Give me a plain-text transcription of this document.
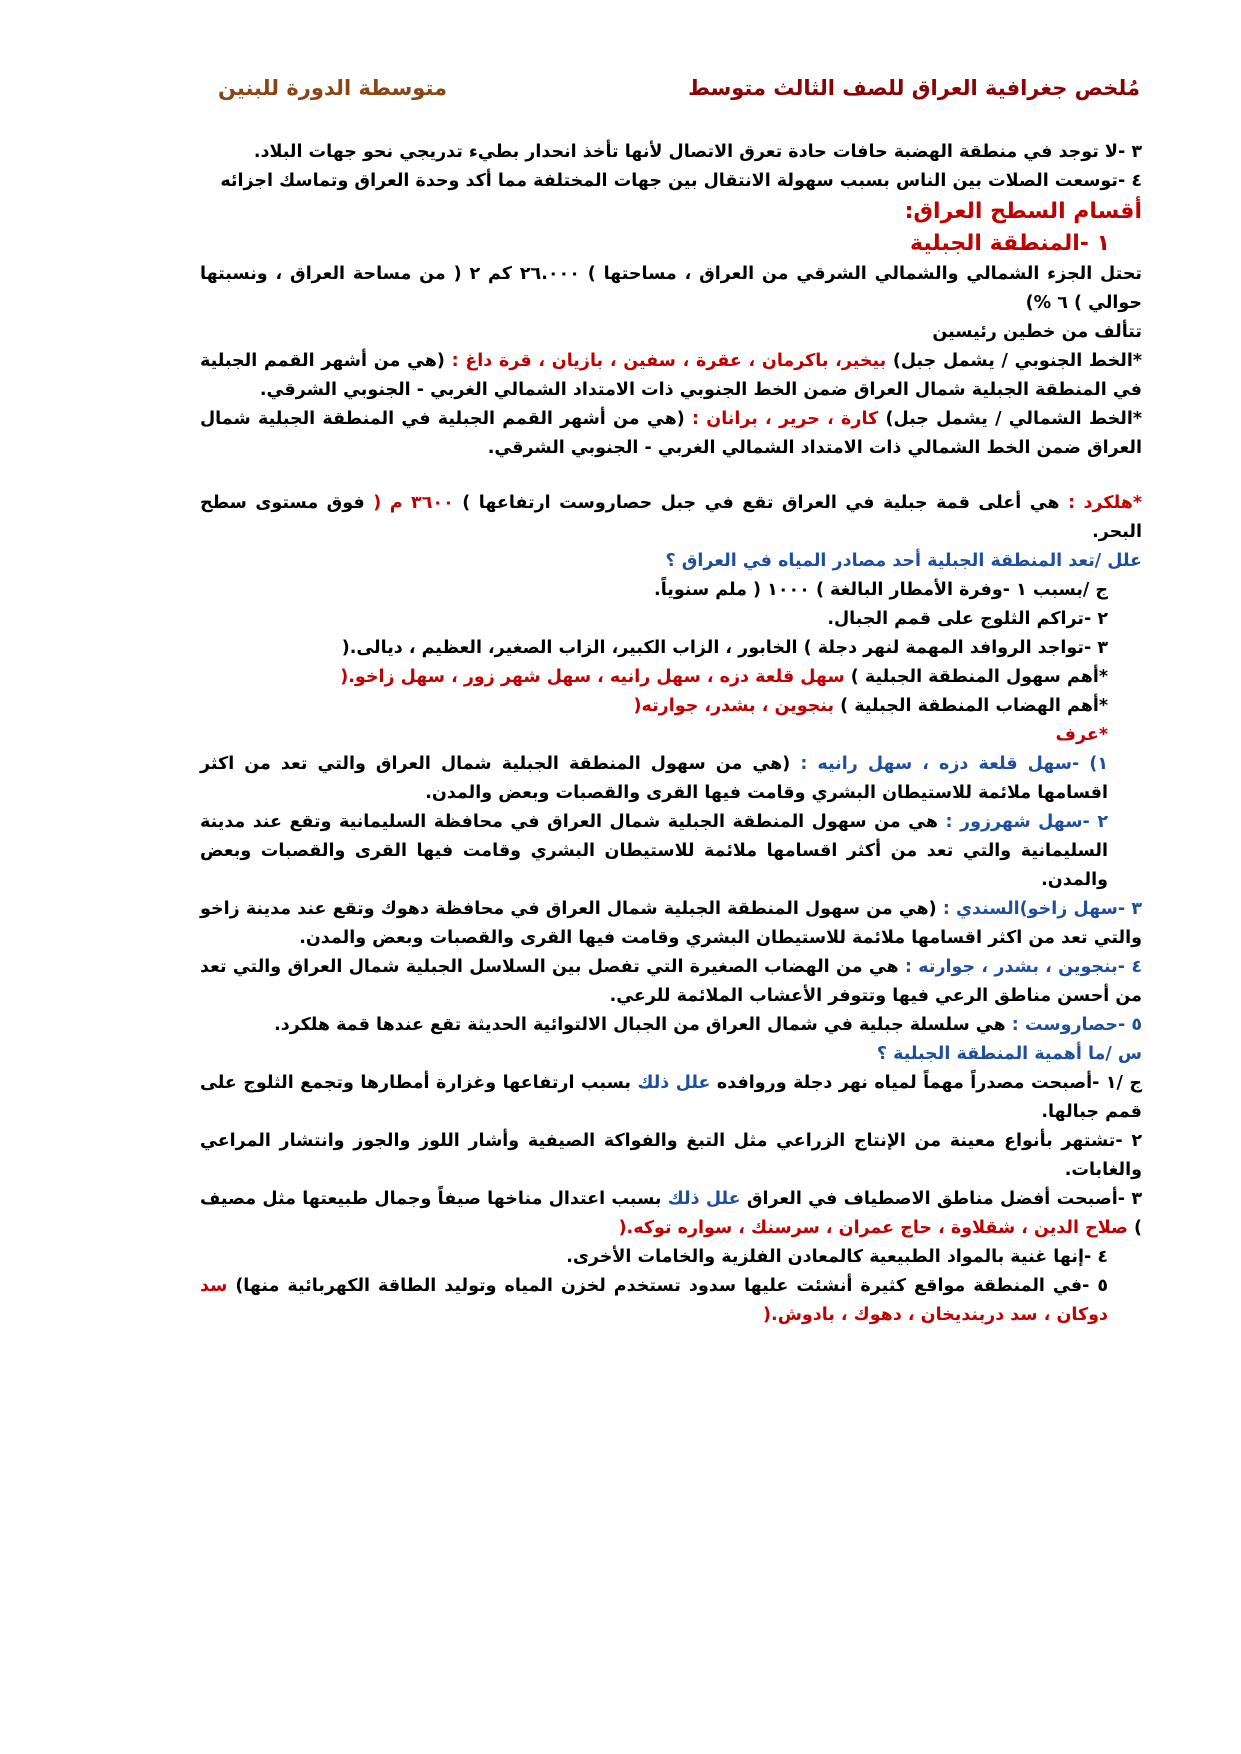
مُلخص جغرافية العراق للصف الثالث متوسط
متوسطة الدورة للبنين

٣ -لا توجد في منطقة الهضبة حافات حادة تعرق الاتصال لأنها تأخذ انحدار بطيء تدريجي نحو جهات البلاد.

٤ -توسعت الصلات بين الناس بسبب سهولة الانتقال بين جهات المختلفة مما أكد وحدة العراق وتماسك اجزائه

أقسام السطح العراق:

١ -المنطقة الجبلية

تحتل الجزء الشمالي والشمالي الشرقي من العراق ، مساحتها ) ٢٦.٠٠٠ كم ٢ ( من مساحة العراق ، ونسبتها حوالي ) ٦ %)

تتألف من خطين رئيسين

*الخط الجنوبي / يشمل جبل) بيخير، باكرمان ، عقرة ، سفين ، بازيان ، قرة داغ : (هي من أشهر القمم الجبلية في المنطقة الجبلية شمال العراق ضمن الخط الجنوبي ذات الامتداد الشمالي الغربي - الجنوبي الشرقي.

*الخط الشمالي / يشمل جبل) كارة ، حرير ، برانان : (هي من أشهر القمم الجبلية في المنطقة الجبلية شمال العراق ضمن الخط الشمالي ذات الامتداد الشمالي الغربي - الجنوبي الشرقي.

*هلكرد : هي أعلى قمة جبلية في العراق تقع في جبل حصاروست ارتفاعها ) ٣٦٠٠ م ( فوق مستوى سطح البحر.

علل /تعد المنطقة الجبلية أحد مصادر المياه في العراق ؟

ج /بسبب ١ -وفرة الأمطار البالغة ) ١٠٠٠ ( ملم سنوياً.

٢ -تراكم الثلوج على قمم الجبال.

٣ -تواجد الروافد المهمة لنهر دجلة ) الخابور ، الزاب الكبير، الزاب الصغير، العظيم ، ديالى.(

*أهم سهول المنطقة الجبلية ) سهل قلعة دزه ، سهل رانيه ، سهل شهر زور ، سهل زاخو.(

*أهم الهضاب المنطقة الجبلية ) بنجوين ، بشدر، جوارته(

*عرف

١) -سهل قلعة دزه ، سهل رانيه : (هي من سهول المنطقة الجبلية شمال العراق والتي تعد من اكثر اقسامها ملائمة للاستيطان البشري وقامت فيها القرى والقصبات وبعض والمدن.

٢ -سهل شهرزور : هي من سهول المنطقة الجبلية شمال العراق في محافظة السليمانية وتقع عند مدينة السليمانية والتي تعد من أكثر اقسامها ملائمة للاستيطان البشري وقامت فيها القرى والقصبات وبعض والمدن.

٣ -سهل زاخو)السندي : (هي من سهول المنطقة الجبلية شمال العراق في محافظة دهوك وتقع عند مدينة زاخو والتي تعد من اكثر اقسامها ملائمة للاستيطان البشري وقامت فيها القرى والقصبات وبعض والمدن.

٤ -بنجوين ، بشدر ، جوارته : هي من الهضاب الصغيرة التي تفصل بين السلاسل الجبلية شمال العراق والتي تعد من أحسن مناطق الرعي فيها وتتوفر الأعشاب الملائمة للرعي.

٥ -حصاروست : هي سلسلة جبلية في شمال العراق من الجبال الالتوائية الحديثة تقع عندها قمة هلكرد.

س /ما أهمية المنطقة الجبلية ؟

ج /١ -أصبحت مصدراً مهماً لمياه نهر دجلة وروافده علل ذلك بسبب ارتفاعها وغزارة أمطارها وتجمع الثلوج على قمم جبالها.

٢ -تشتهر بأنواع معينة من الإنتاج الزراعي مثل التبغ والفواكة الصيفية وأشار اللوز والجوز وانتشار المراعي والغابات.

٣ -أصبحت أفضل مناطق الاصطياف في العراق علل ذلك بسبب اعتدال مناخها صيفاً وجمال طبيعتها مثل مصيف ) صلاح الدين ، شقلاوة ، حاج عمران ، سرسنك ، سواره توكه.(

٤ -إنها غنية بالمواد الطبيعية كالمعادن الفلزية والخامات الأخرى.

٥ -في المنطقة مواقع كثيرة أنشئت عليها سدود تستخدم لخزن المياه وتوليد الطاقة الكهربائية منها) سد دوكان ، سد دربنديخان ، دهوك ، بادوش.(
